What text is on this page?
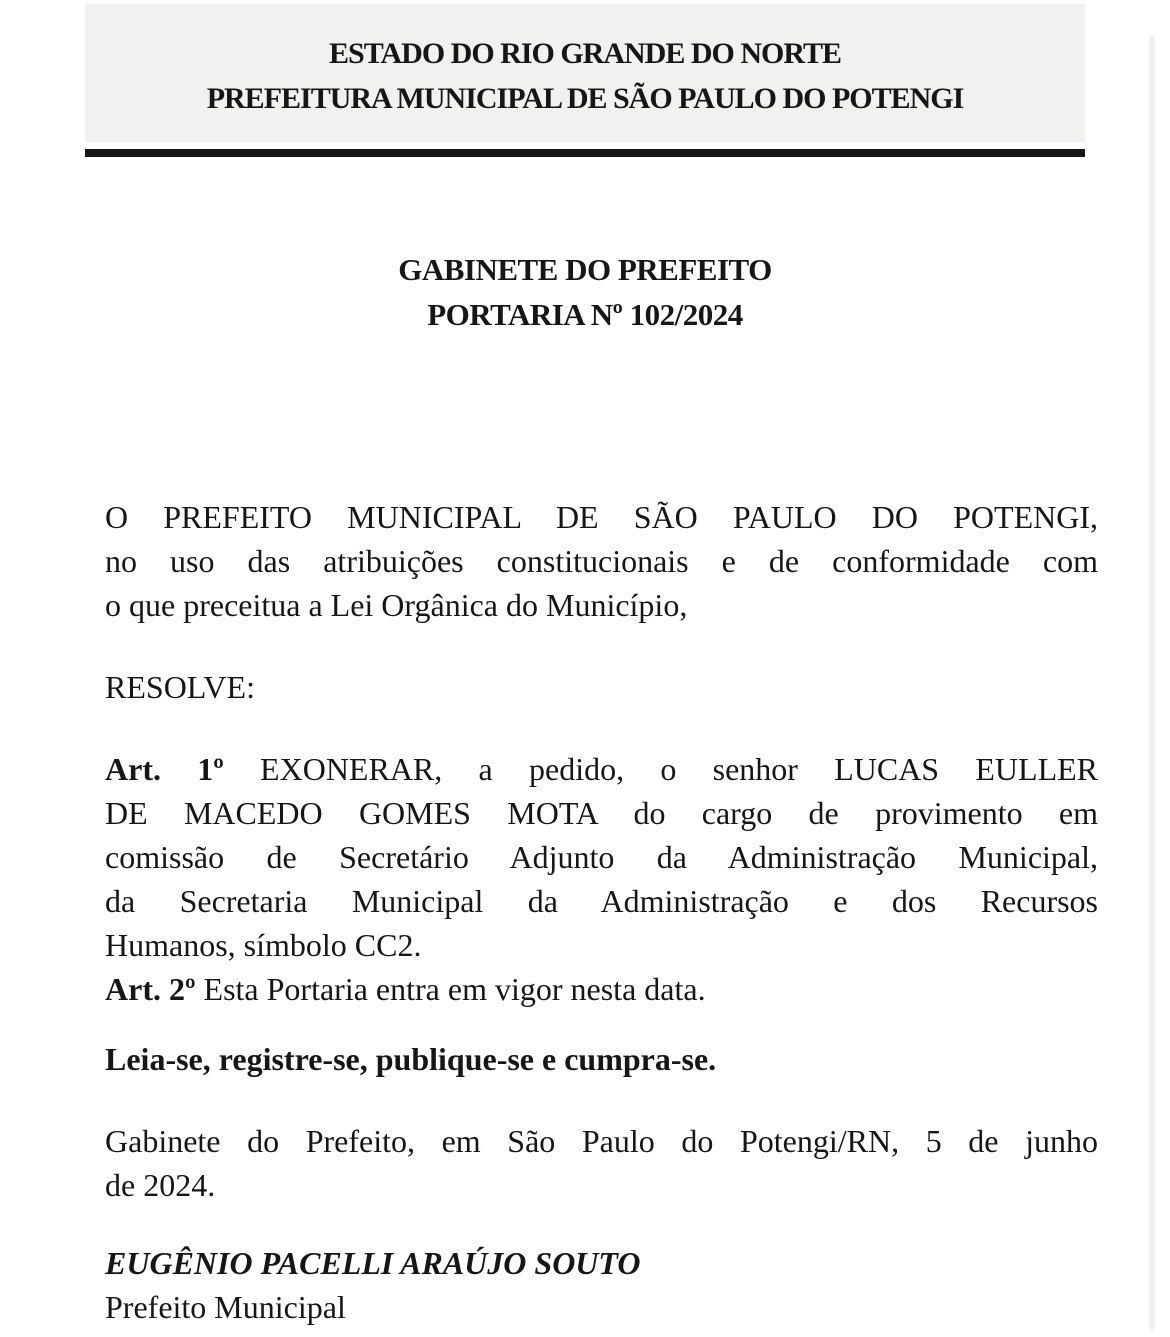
ESTADO DO RIO GRANDE DO NORTE
PREFEITURA MUNICIPAL DE SÃO PAULO DO POTENGI
GABINETE DO PREFEITO
PORTARIA Nº 102/2024
O PREFEITO MUNICIPAL DE SÃO PAULO DO POTENGI,
no uso das atribuições constitucionais e de conformidade com
o que preceitua a Lei Orgânica do Município,
RESOLVE:
Art. 1º EXONERAR, a pedido, o senhor LUCAS EULLER
DE MACEDO GOMES MOTA do cargo de provimento em
comissão de Secretário Adjunto da Administração Municipal,
da Secretaria Municipal da Administração e dos Recursos
Humanos, símbolo CC2.
Art. 2º Esta Portaria entra em vigor nesta data.
Leia-se, registre-se, publique-se e cumpra-se.
Gabinete do Prefeito, em São Paulo do Potengi/RN, 5 de junho
de 2024.
EUGÊNIO PACELLI ARAÚJO SOUTO
Prefeito Municipal
